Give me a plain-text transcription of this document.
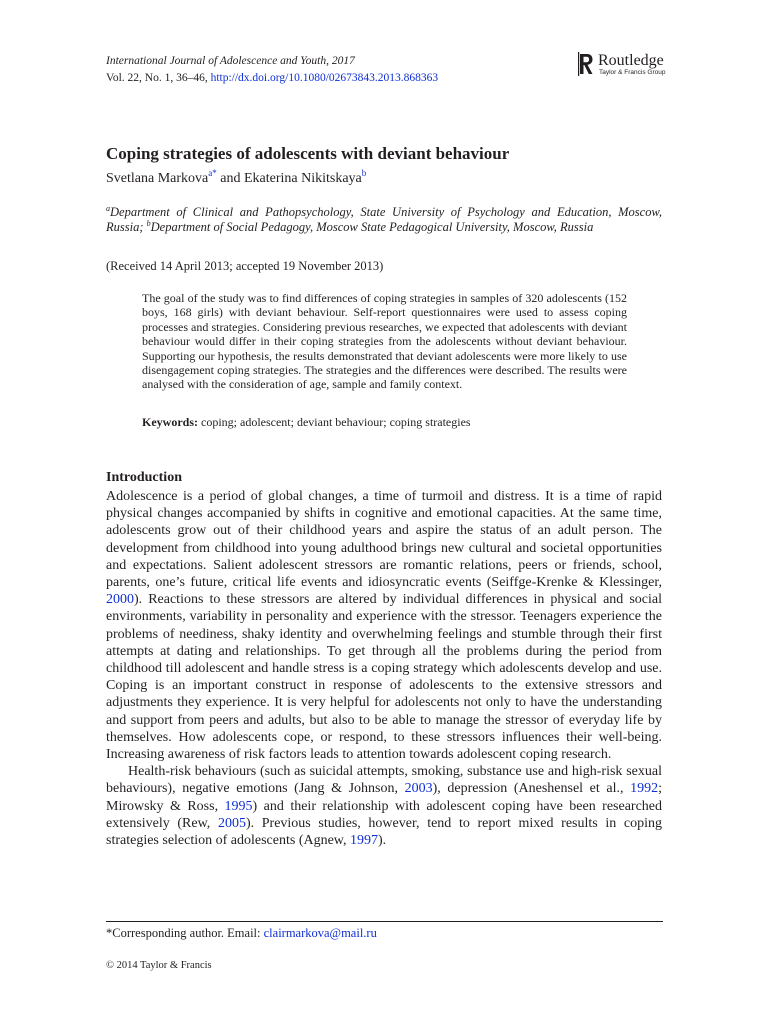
International Journal of Adolescence and Youth, 2017
Vol. 22, No. 1, 36–46, http://dx.doi.org/10.1080/02673843.2013.868363
Routledge
Taylor & Francis Group
Coping strategies of adolescents with deviant behaviour
Svetlana Markova$^{a*}$ and Ekaterina Nikitskaya$^b$
$^a$Department of Clinical and Pathopsychology, State University of Psychology and Education, Moscow, Russia; $^b$Department of Social Pedagogy, Moscow State Pedagogical University, Moscow, Russia
(Received 14 April 2013; accepted 19 November 2013)
The goal of the study was to find differences of coping strategies in samples of 320 adolescents (152 boys, 168 girls) with deviant behaviour. Self-report questionnaires were used to assess coping processes and strategies. Considering previous researches, we expected that adolescents with deviant behaviour would differ in their coping strategies from the adolescents without deviant behaviour. Supporting our hypothesis, the results demonstrated that deviant adolescents were more likely to use disengagement coping strategies. The strategies and the differences were described. The results were analysed with the consideration of age, sample and family context.
Keywords: coping; adolescent; deviant behaviour; coping strategies
Introduction

Adolescence is a period of global changes, a time of turmoil and distress. It is a time of rapid physical changes accompanied by shifts in cognitive and emotional capacities. At the same time, adolescents grow out of their childhood years and aspire the status of an adult person. The development from childhood into young adulthood brings new cultural and societal opportunities and expectations. Salient adolescent stressors are romantic relations, peers or friends, school, parents, one’s future, critical life events and idiosyncratic events (Seiffge-Krenke & Klessinger, 2000). Reactions to these stressors are altered by individual differences in physical and social environments, variability in personality and experience with the stressor. Teenagers experience the problems of neediness, shaky identity and overwhelming feelings and stumble through their first attempts at dating and relationships. To get through all the problems during the period from childhood till adolescent and handle stress is a coping strategy which adolescents develop and use. Coping is an important construct in response of adolescents to the extensive stressors and adjustments they experience. It is very helpful for adolescents not only to have the understanding and support from peers and adults, but also to be able to manage the stressor of everyday life by themselves. How adolescents cope, or respond, to these stressors influences their well-being. Increasing awareness of risk factors leads to attention towards adolescent coping research.

Health-risk behaviours (such as suicidal attempts, smoking, substance use and high-risk sexual behaviours), negative emotions (Jang & Johnson, 2003), depression (Aneshensel et al., 1992; Mirowsky & Ross, 1995) and their relationship with adolescent coping have been researched extensively (Rew, 2005). Previous studies, however, tend to report mixed results in coping strategies selection of adolescents (Agnew, 1997).

*Corresponding author. Email: clairmarkova@mail.ru
© 2014 Taylor & Francis
